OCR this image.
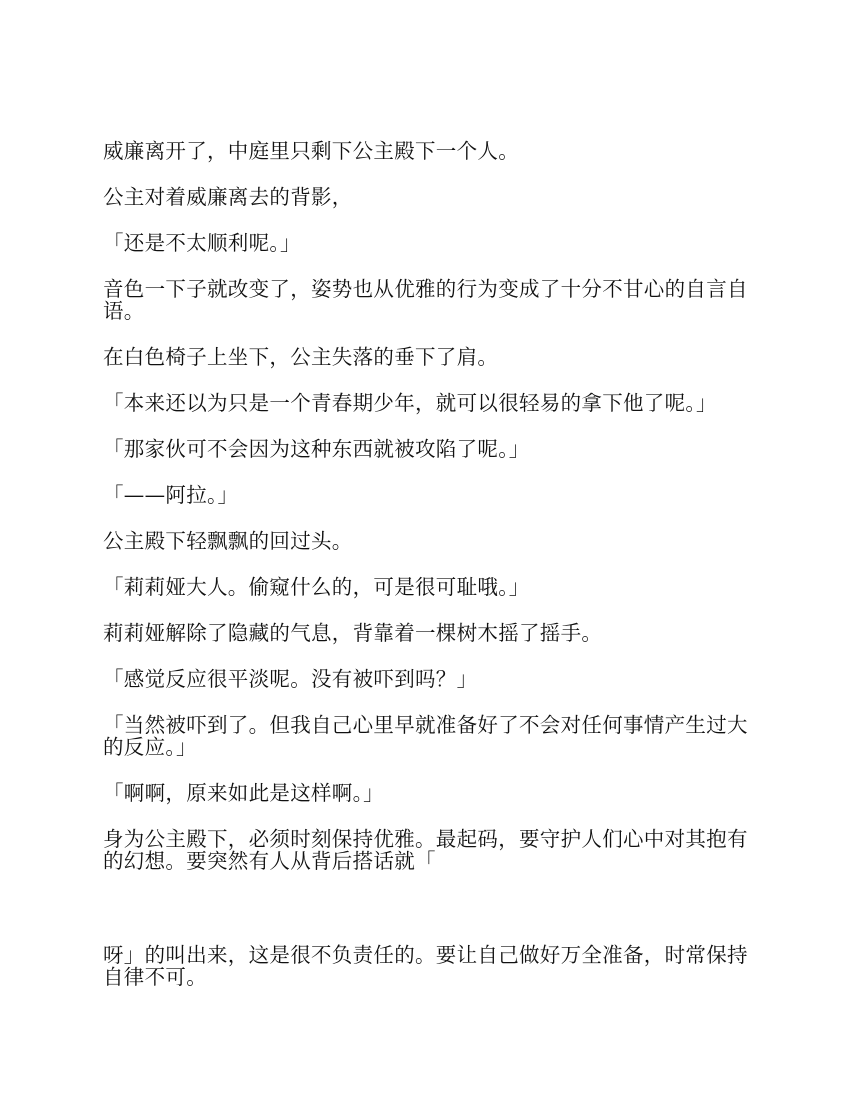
威廉离开了，中庭里只剩下公主殿下一个人。

公主对着威廉离去的背影，

「还是不太顺利呢。」

音色一下子就改变了，姿势也从优雅的行为变成了十分不甘心的自言自语。

在白色椅子上坐下，公主失落的垂下了肩。

「本来还以为只是一个青春期少年，就可以很轻易的拿下他了呢。」

「那家伙可不会因为这种东西就被攻陷了呢。」

「——阿拉。」

公主殿下轻飘飘的回过头。

「莉莉娅大人。偷窥什么的，可是很可耻哦。」

莉莉娅解除了隐藏的气息，背靠着一棵树木摇了摇手。

「感觉反应很平淡呢。没有被吓到吗？」

「当然被吓到了。但我自己心里早就准备好了不会对任何事情产生过大的反应。」

「啊啊，原来如此是这样啊。」

身为公主殿下，必须时刻保持优雅。最起码，要守护人们心中对其抱有的幻想。要突然有人从背后搭话就「

呀」的叫出来，这是很不负责任的。要让自己做好万全准备，时常保持自律不可。
